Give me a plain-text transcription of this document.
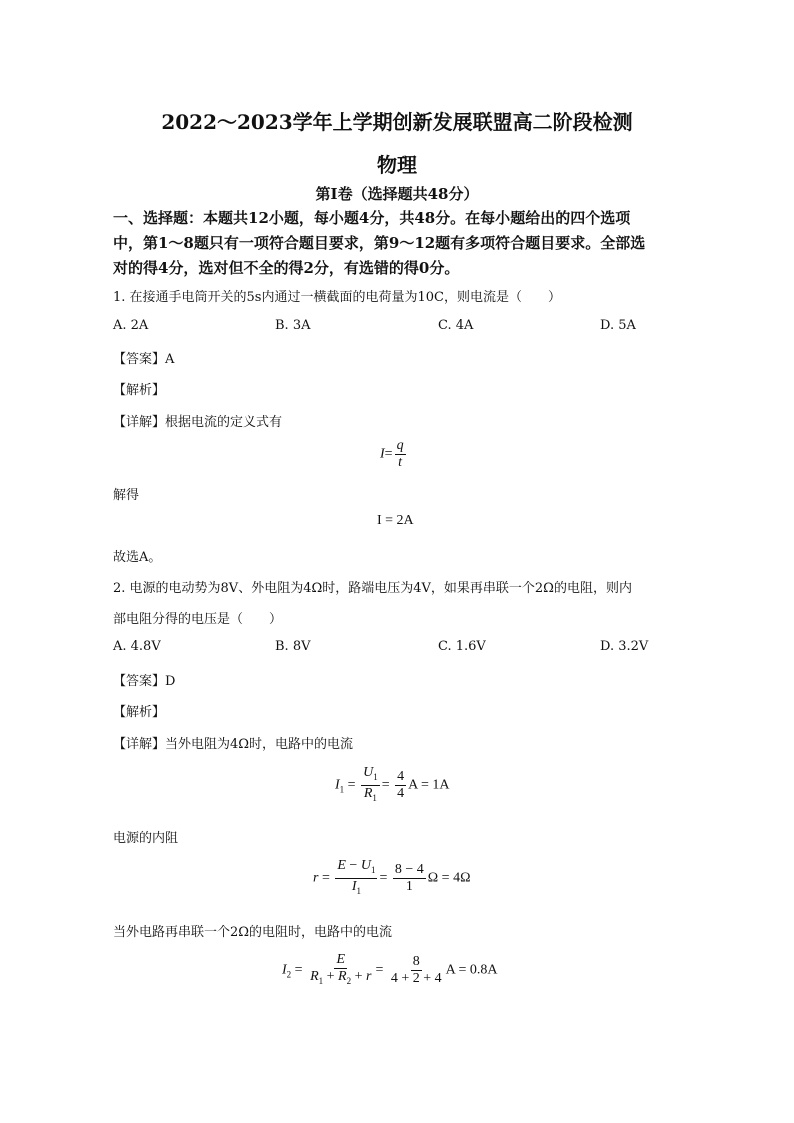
2022～2023学年上学期创新发展联盟高二阶段检测
物理
第Ⅰ卷（选择题共48分）
一、选择题：本题共12小题，每小题4分，共48分。在每小题给出的四个选项
中，第1～8题只有一项符合题目要求，第9～12题有多项符合题目要求。全部选
对的得4分，选对但不全的得2分，有选错的得0分。
1. 在接通手电筒开关的5s内通过一横截面的电荷量为10C，则电流是（　　）
A. 2A	B. 3A	C. 4A	D. 5A
【答案】A
【解析】
【详解】根据电流的定义式有
$I= \frac{q}{t}$
解得
I = 2A
故选A。
2. 电源的电动势为8V、外电阻为4Ω时，路端电压为4V，如果再串联一个2Ω的电阻，则内
部电阻分得的电压是（　　）
A. 4.8V	B. 8V	C. 1.6V	D. 3.2V
【答案】D
【解析】
【详解】当外电阻为4Ω时，电路中的电流
$I_1 = \frac{U_1}{R_1} = \frac{4}{4}$ A = 1A
电源的内阻
$r = \frac{E - U_1}{I_1} = \frac{8 - 4}{1}$ Ω = 4Ω
当外电路再串联一个2Ω的电阻时，电路中的电流
$I_2 = \frac{E}{R_1 + R_2 + r} = \frac{8}{4 + 2 + 4}$ A = 0.8A
